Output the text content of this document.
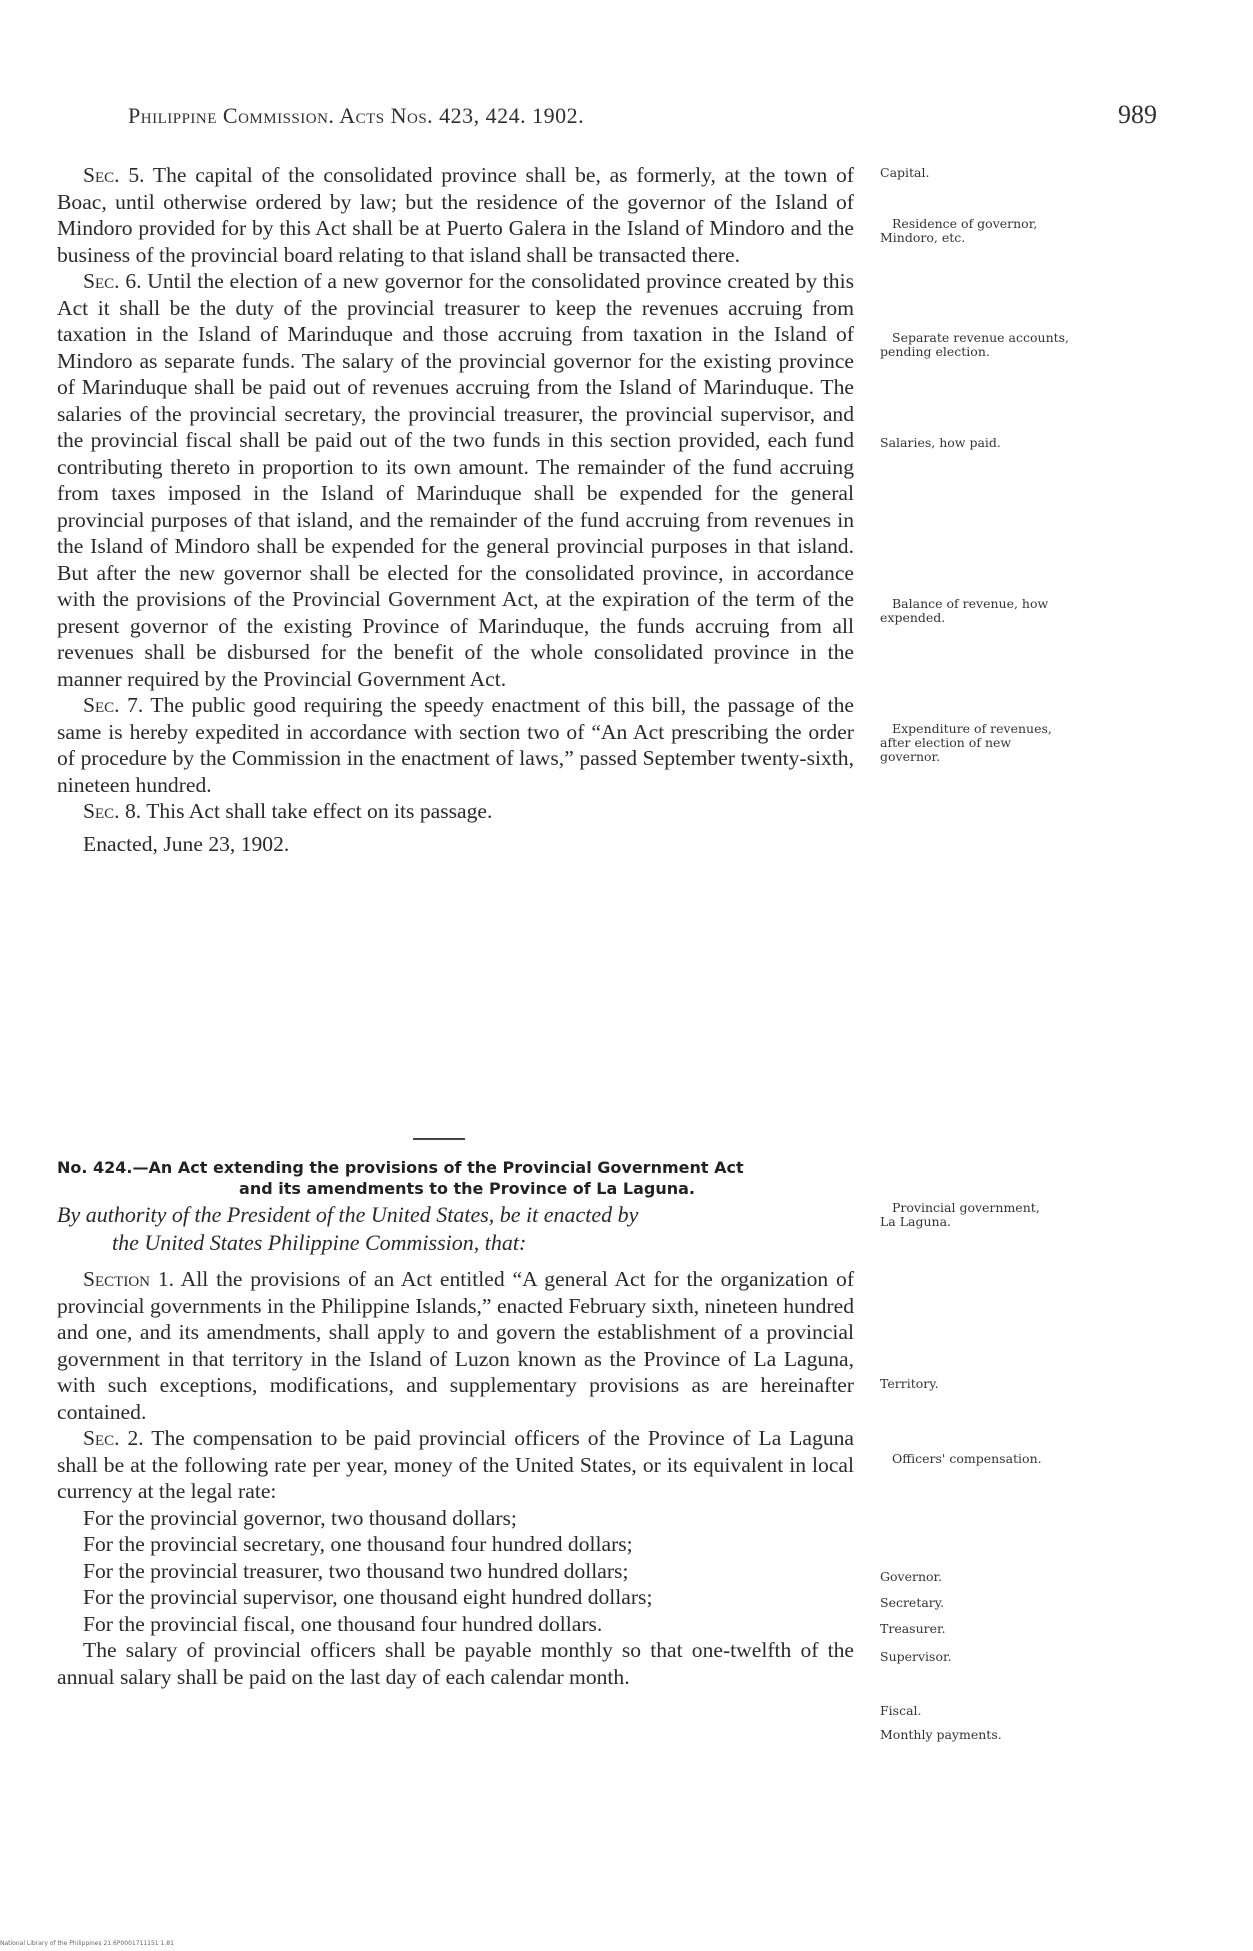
Philippine Commission. Acts Nos. 423, 424. 1902.	989

Sec. 5. The capital of the consolidated province shall be, as formerly, at the town of Boac, until otherwise ordered by law; but the residence of the governor of the Island of Mindoro provided for by this Act shall be at Puerto Galera in the Island of Mindoro and the business of the provincial board relating to that island shall be transacted there.

Sec. 6. Until the election of a new governor for the consolidated province created by this Act it shall be the duty of the provincial treasurer to keep the revenues accruing from taxation in the Island of Marinduque and those accruing from taxation in the Island of Mindoro as separate funds. The salary of the provincial governor for the existing province of Marinduque shall be paid out of revenues accruing from the Island of Marinduque. The salaries of the provincial secretary, the provincial treasurer, the provincial supervisor, and the provincial fiscal shall be paid out of the two funds in this section provided, each fund contributing thereto in proportion to its own amount. The remainder of the fund accruing from taxes imposed in the Island of Marinduque shall be expended for the general provincial purposes of that island, and the remainder of the fund accruing from revenues in the Island of Mindoro shall be expended for the general provincial purposes in that island. But after the new governor shall be elected for the consolidated province, in accordance with the provisions of the Provincial Government Act, at the expiration of the term of the present governor of the existing Province of Marinduque, the funds accruing from all revenues shall be disbursed for the benefit of the whole consolidated province in the manner required by the Provincial Government Act.

Sec. 7. The public good requiring the speedy enactment of this bill, the passage of the same is hereby expedited in accordance with section two of “An Act prescribing the order of procedure by the Commission in the enactment of laws,” passed September twenty-sixth, nineteen hundred.

Sec. 8. This Act shall take effect on its passage.

Enacted, June 23, 1902.

No. 424.—An Act extending the provisions of the Provincial Government Act
and its amendments to the Province of La Laguna.
By authority of the President of the United States, be it enacted by
the United States Philippine Commission, that:

Section 1. All the provisions of an Act entitled “A general Act for the organization of provincial governments in the Philippine Islands,” enacted February sixth, nineteen hundred and one, and its amendments, shall apply to and govern the establishment of a provincial government in that territory in the Island of Luzon known as the Province of La Laguna, with such exceptions, modifications, and supplementary provisions as are hereinafter contained.

Sec. 2. The compensation to be paid provincial officers of the Province of La Laguna shall be at the following rate per year, money of the United States, or its equivalent in local currency at the legal rate:

For the provincial governor, two thousand dollars;

For the provincial secretary, one thousand four hundred dollars;

For the provincial treasurer, two thousand two hundred dollars;

For the provincial supervisor, one thousand eight hundred dollars;

For the provincial fiscal, one thousand four hundred dollars.

The salary of provincial officers shall be payable monthly so that one-twelfth of the annual salary shall be paid on the last day of each calendar month.

Capital.
Residence of governor, Mindoro, etc.
Separate revenue accounts, pending election.
Salaries, how paid.
Balance of revenue, how expended.
Expenditure of revenues, after election of new governor.
Provincial government, La Laguna.
Territory.
Officers' compensation.
Governor.
Secretary.
Treasurer.
Supervisor.
Fiscal.
Monthly payments.
National Library of the Philippines 21.6P0001711151 1.81
